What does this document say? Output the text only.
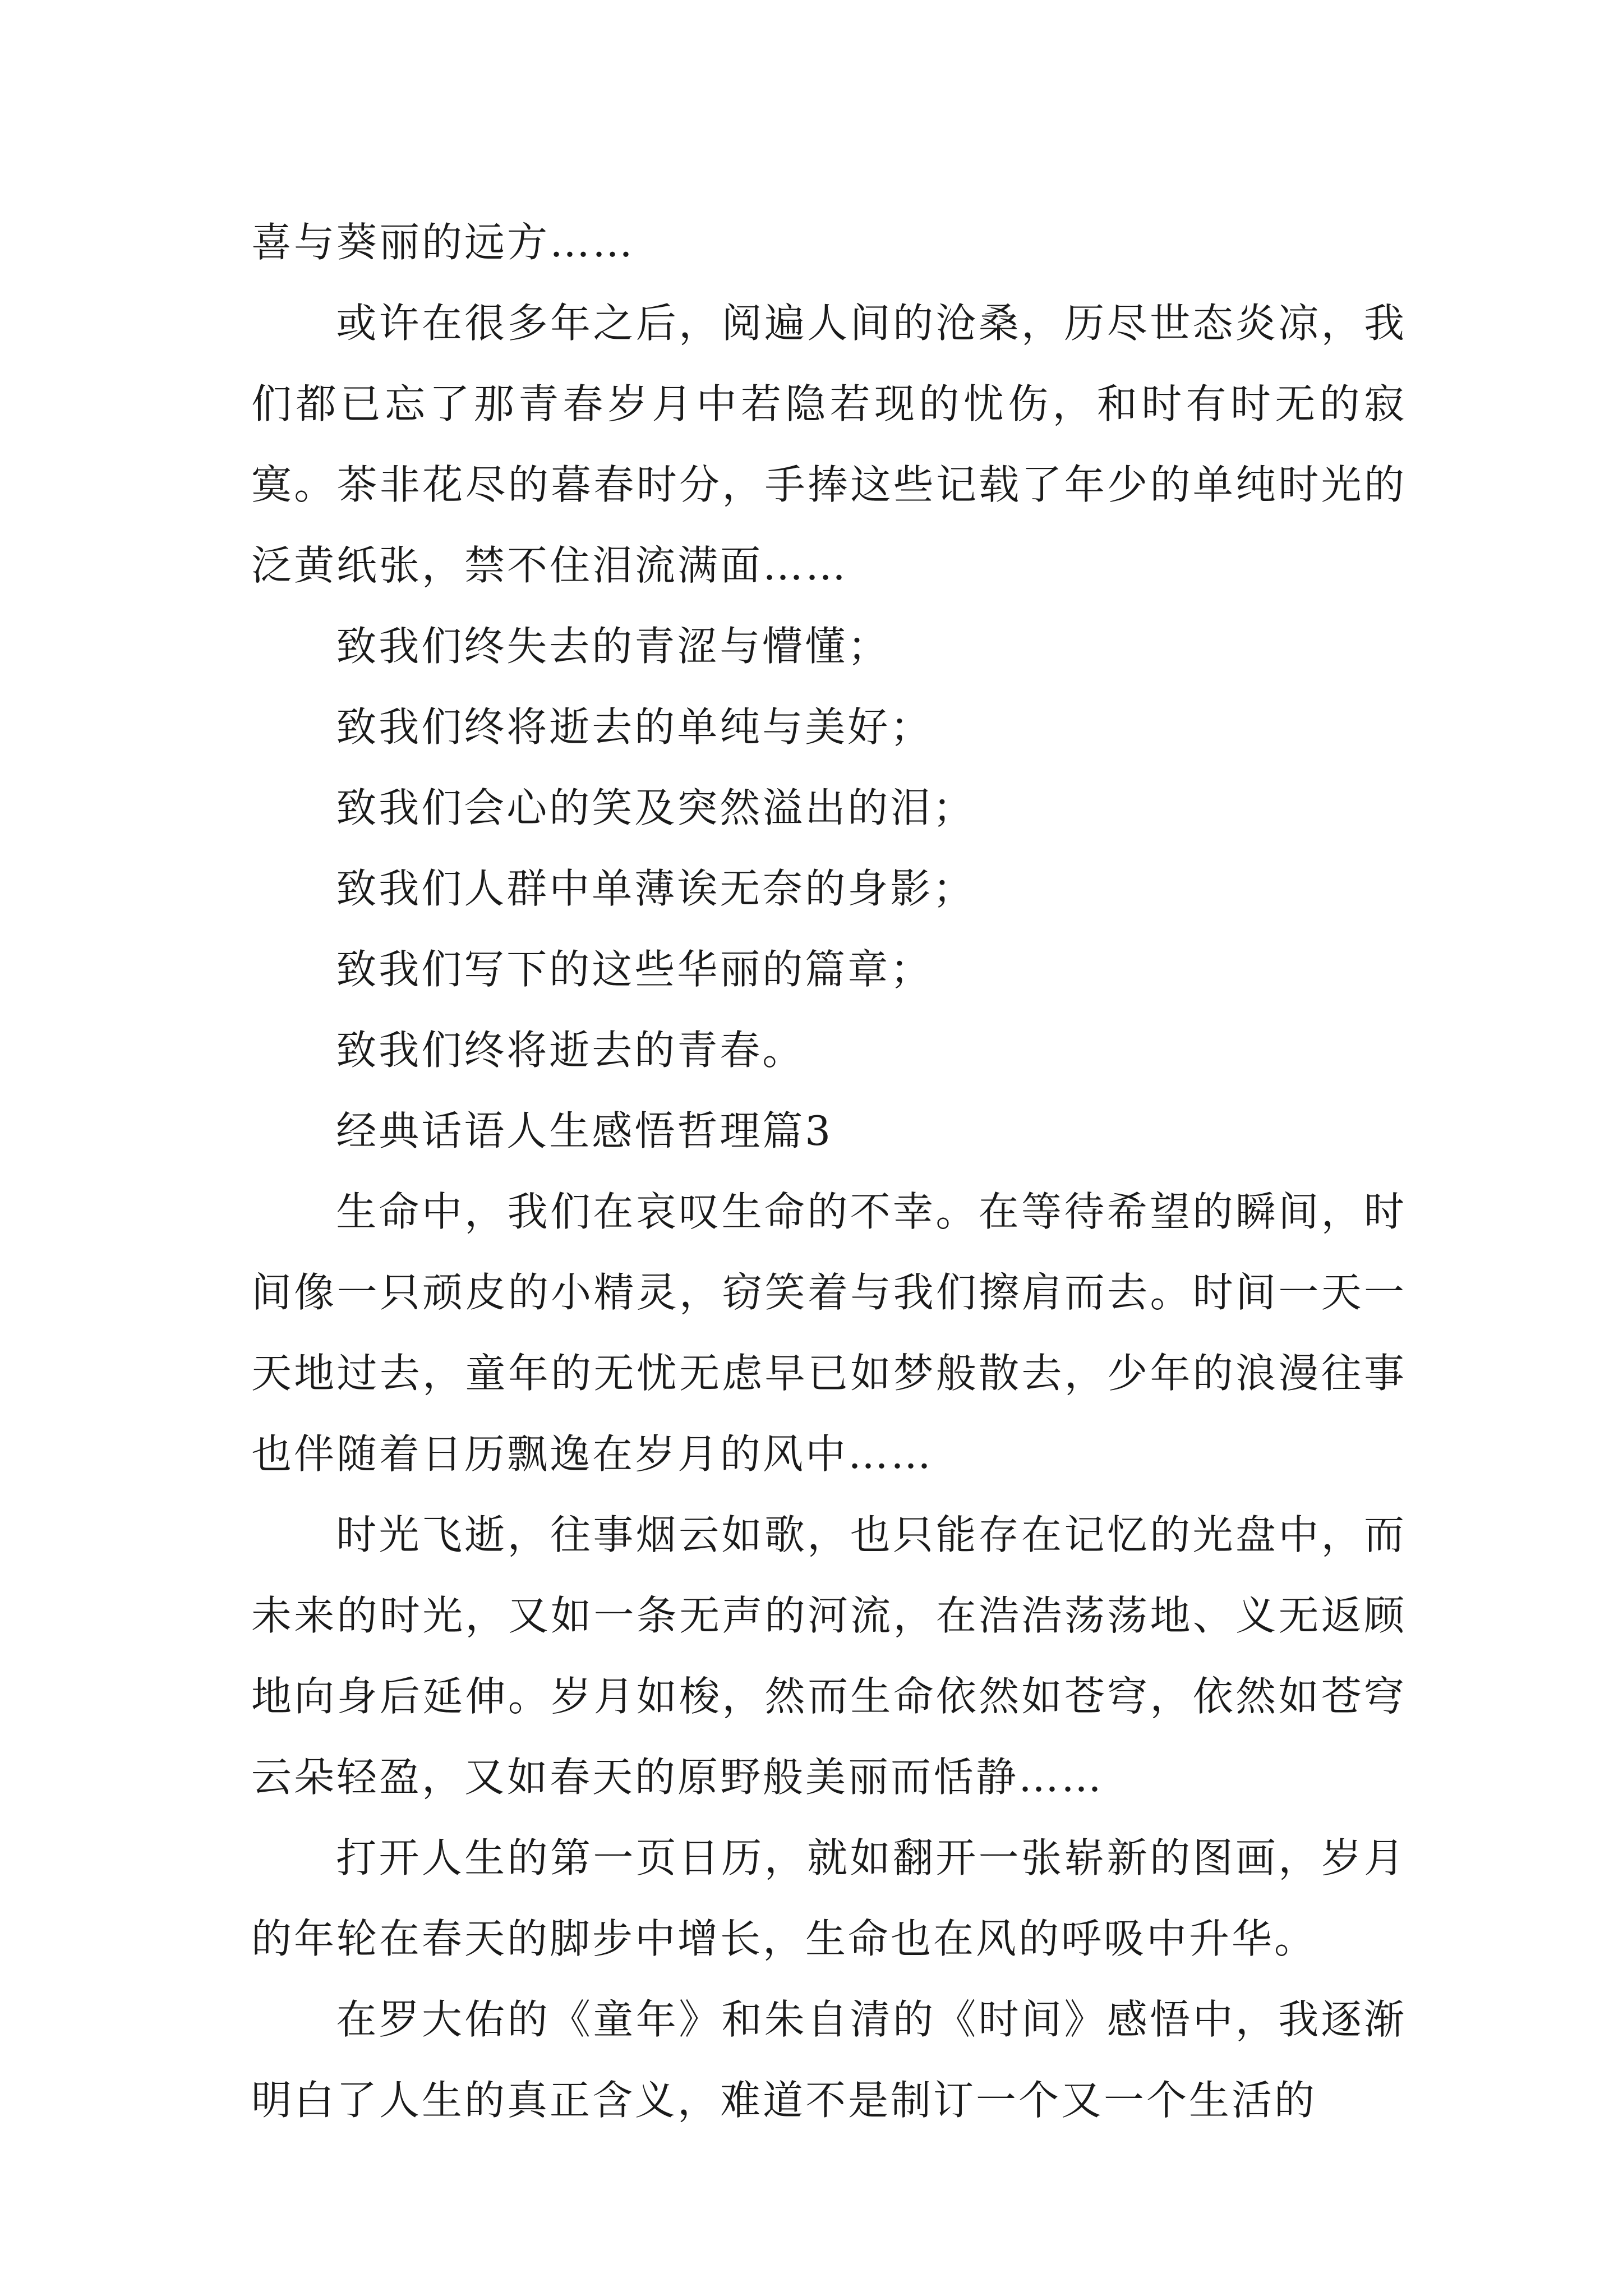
喜与葵丽的远方……

或许在很多年之后，阅遍人间的沧桑，历尽世态炎凉，我们都已忘了那青春岁月中若隐若现的忧伤，和时有时无的寂寞。茶非花尽的暮春时分，手捧这些记载了年少的单纯时光的泛黄纸张，禁不住泪流满面……

致我们终失去的青涩与懵懂；

致我们终将逝去的单纯与美好；

致我们会心的笑及突然溢出的泪；

致我们人群中单薄诶无奈的身影；

致我们写下的这些华丽的篇章；

致我们终将逝去的青春。

经典话语人生感悟哲理篇3

生命中，我们在哀叹生命的不幸。在等待希望的瞬间，时间像一只顽皮的小精灵，窃笑着与我们擦肩而去。时间一天一天地过去，童年的无忧无虑早已如梦般散去，少年的浪漫往事也伴随着日历飘逸在岁月的风中……

时光飞逝，往事烟云如歌，也只能存在记忆的光盘中，而未来的时光，又如一条无声的河流，在浩浩荡荡地、义无返顾地向身后延伸。岁月如梭，然而生命依然如苍穹，依然如苍穹云朵轻盈，又如春天的原野般美丽而恬静……

打开人生的第一页日历，就如翻开一张崭新的图画，岁月的年轮在春天的脚步中增长，生命也在风的呼吸中升华。

在罗大佑的《童年》和朱自清的《时间》感悟中，我逐渐明白了人生的真正含义，难道不是制订一个又一个生活的
